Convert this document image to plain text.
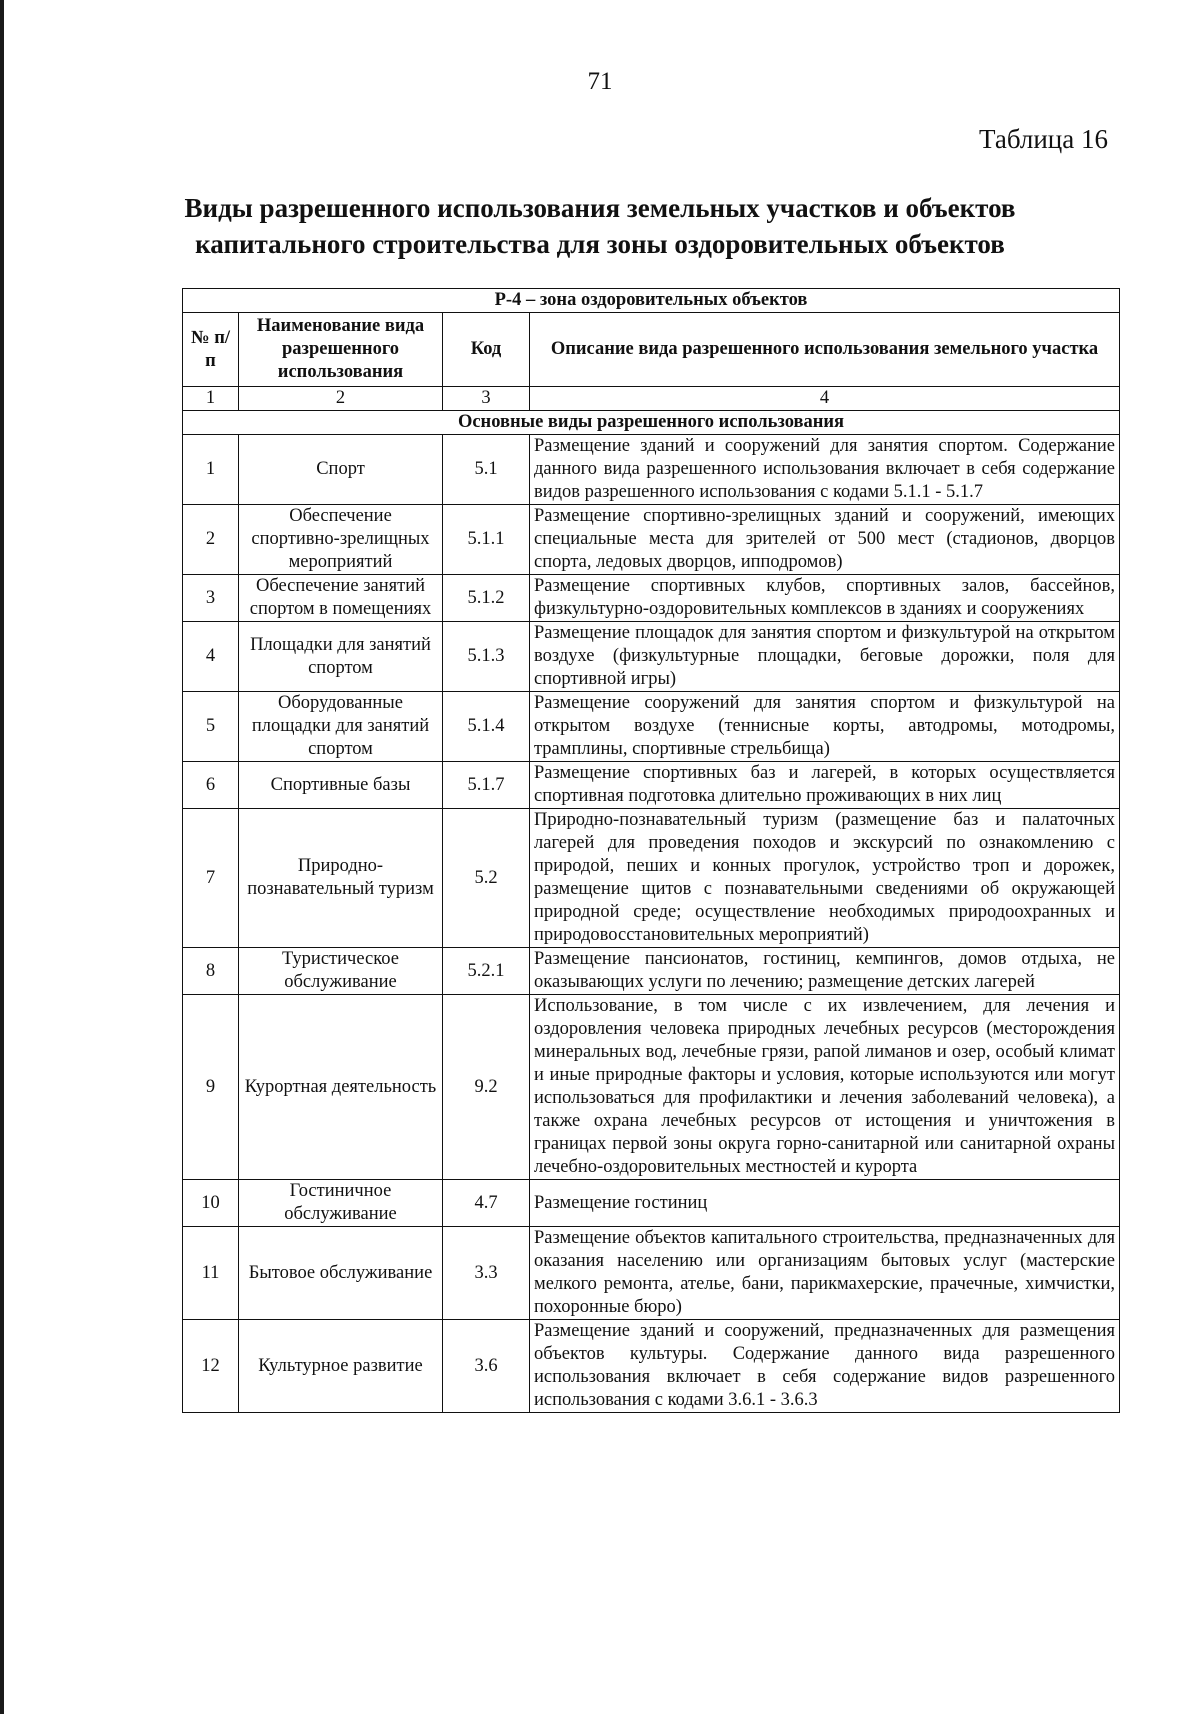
71
Таблица 16
Виды разрешенного использования земельных участков и объектов
капитального строительства для зоны оздоровительных объектов
Р-4 – зона оздоровительных объектов			
№ п/п	Наименование вида разрешенного использования	Код	Описание вида разрешенного использования земельного участка
1	2	3	4
Основные виды разрешенного использования			
1	Спорт	5.1	Размещение зданий и сооружений для занятия спортом. Содержание данного вида разрешенного использования включает в себя содержание видов разрешенного использования с кодами 5.1.1 - 5.1.7
2	Обеспечение спортивно-зрелищных мероприятий	5.1.1	Размещение спортивно-зрелищных зданий и сооружений, имеющих специальные места для зрителей от 500 мест (стадионов, дворцов спорта, ледовых дворцов, ипподромов)
3	Обеспечение занятий спортом в помещениях	5.1.2	Размещение спортивных клубов, спортивных залов, бассейнов, физкультурно-оздоровительных комплексов в зданиях и сооружениях
4	Площадки для занятий спортом	5.1.3	Размещение площадок для занятия спортом и физкультурой на открытом воздухе (физкультурные площадки, беговые дорожки, поля для спортивной игры)
5	Оборудованные площадки для занятий спортом	5.1.4	Размещение сооружений для занятия спортом и физкультурой на открытом воздухе (теннисные корты, автодромы, мотодромы, трамплины, спортивные стрельбища)
6	Спортивные базы	5.1.7	Размещение спортивных баз и лагерей, в которых осуществляется спортивная подготовка длительно проживающих в них лиц
7	Природно-познавательный туризм	5.2	Природно-познавательный туризм (размещение баз и палаточных лагерей для проведения походов и экскурсий по ознакомлению с природой, пеших и конных прогулок, устройство троп и дорожек, размещение щитов с познавательными сведениями об окружающей природной среде; осуществление необходимых природоохранных и природовосстановительных мероприятий)
8	Туристическое обслуживание	5.2.1	Размещение пансионатов, гостиниц, кемпингов, домов отдыха, не оказывающих услуги по лечению; размещение детских лагерей
9	Курортная деятельность	9.2	Использование, в том числе с их извлечением, для лечения и оздоровления человека природных лечебных ресурсов (месторождения минеральных вод, лечебные грязи, рапой лиманов и озер, особый климат и иные природные факторы и условия, которые используются или могут использоваться для профилактики и лечения заболеваний человека), а также охрана лечебных ресурсов от истощения и уничтожения в границах первой зоны округа горно-санитарной или санитарной охраны лечебно-оздоровительных местностей и курорта
10	Гостиничное обслуживание	4.7	Размещение гостиниц
11	Бытовое обслуживание	3.3	Размещение объектов капитального строительства, предназначенных для оказания населению или организациям бытовых услуг (мастерские мелкого ремонта, ателье, бани, парикмахерские, прачечные, химчистки, похоронные бюро)
12	Культурное развитие	3.6	Размещение зданий и сооружений, предназначенных для размещения объектов культуры. Содержание данного вида разрешенного использования включает в себя содержание видов разрешенного использования с кодами 3.6.1 - 3.6.3
